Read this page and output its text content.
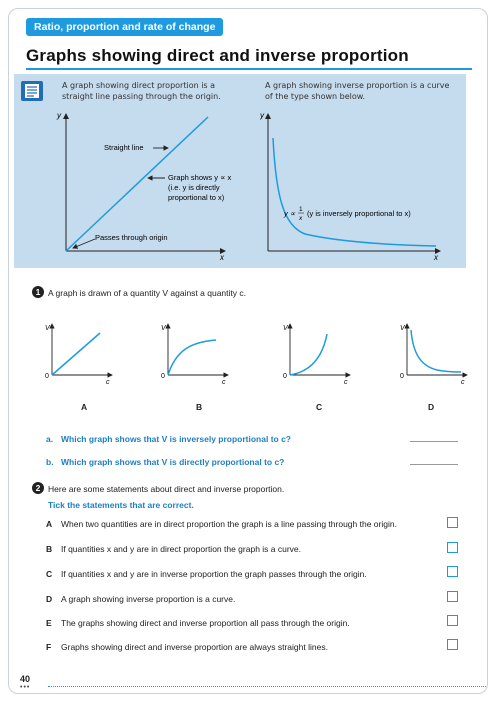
Ratio, proportion and rate of change
Graphs showing direct and inverse proportion
A graph showing direct proportion is a straight line passing through the origin.
A graph showing inverse proportion is a curve of the type shown below.
y
x
Straight line
Graph shows y ∝ x
(i.e. y is directly
proportional to x)
Passes through origin
y
x
y ∝ 1
x
(y is inversely proportional to x)
1 A graph is drawn of a quantity V against a quantity c.
V
0
c
A
V
0
c
B
V
0
c
C
V
0
c
D
a. Which graph shows that V is inversely proportional to c?
b. Which graph shows that V is directly proportional to c?
2 Here are some statements about direct and inverse proportion.
Tick the statements that are correct.
A When two quantities are in direct proportion the graph is a line passing through the origin.
B If quantities x and y are in direct proportion the graph is a curve.
C If quantities x and y are in inverse proportion the graph passes through the origin.
D A graph showing inverse proportion is a curve.
E The graphs showing direct and inverse proportion all pass through the origin.
F Graphs showing direct and inverse proportion are always straight lines.
40
•••
